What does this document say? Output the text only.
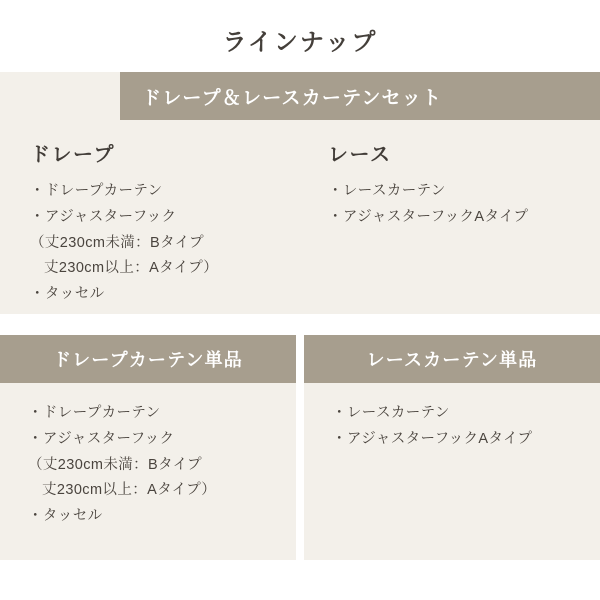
ラインナップ
ドレープ＆レースカーテンセット
ドレープ
・ ドレープカーテン
・ アジャスターフック
（丈230cm未満：Bタイプ
丈230cm以上：Aタイプ）
・ タッセル
レース
・ レースカーテン
・ アジャスターフックAタイプ
ドレープカーテン単品
・ ドレープカーテン
・ アジャスターフック
（丈230cm未満：Bタイプ
丈230cm以上：Aタイプ）
・ タッセル
レースカーテン単品
・ レースカーテン
・ アジャスターフックAタイプ
